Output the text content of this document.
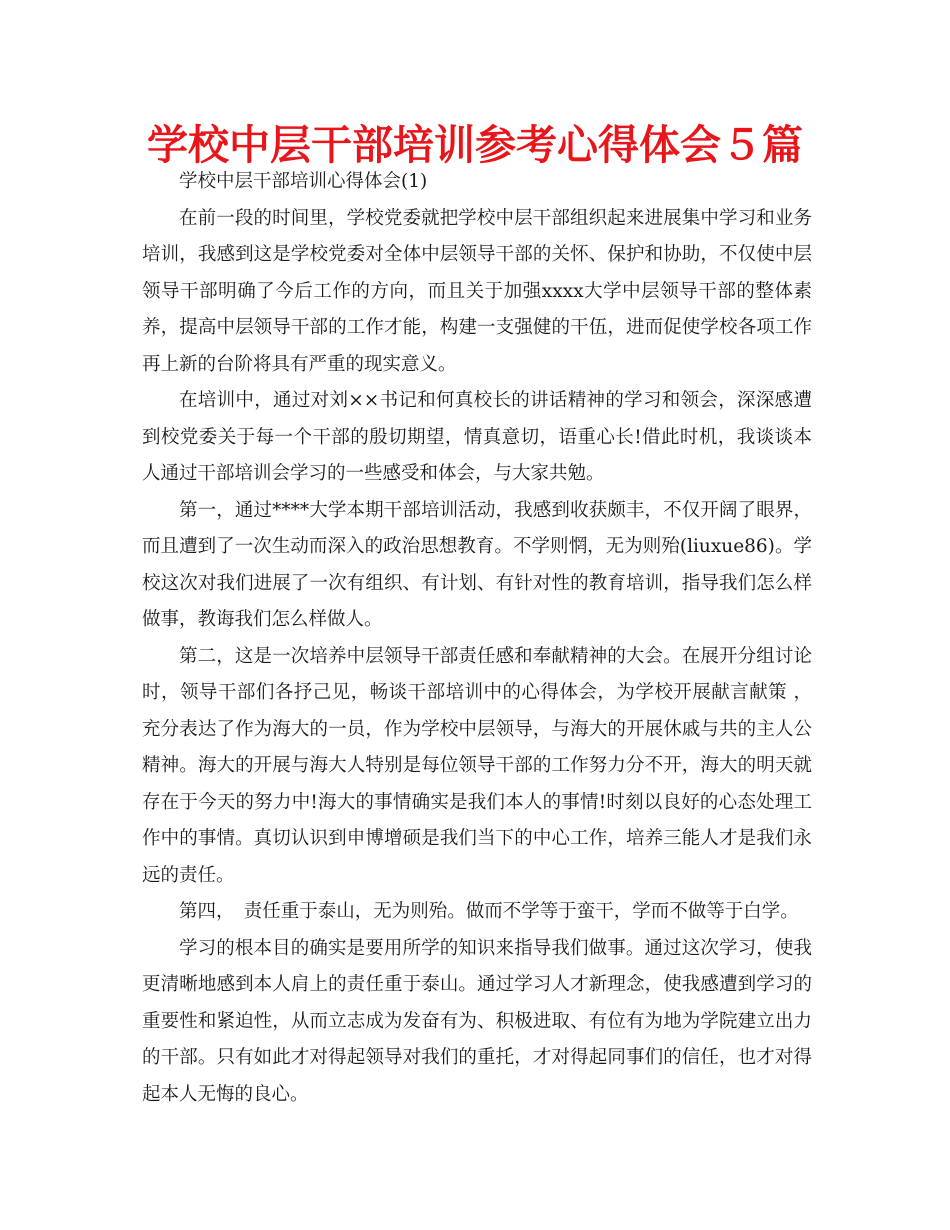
学校中层干部培训参考心得体会５篇

学校中层干部培训心得体会(1)

在前一段的时间里，学校党委就把学校中层干部组织起来进展集中学习和业务培训，我感到这是学校党委对全体中层领导干部的关怀、保护和协助，不仅使中层领导干部明确了今后工作的方向，而且关于加强xxxx大学中层领导干部的整体素养，提高中层领导干部的工作才能，构建一支强健的干伍，进而促使学校各项工作再上新的台阶将具有严重的现实意义。

在培训中，通过对刘××书记和何真校长的讲话精神的学习和领会，深深感遭到校党委关于每一个干部的殷切期望，情真意切，语重心长!借此时机，我谈谈本人通过干部培训会学习的一些感受和体会，与大家共勉。

第一，通过****大学本期干部培训活动，我感到收获颇丰，不仅开阔了眼界，而且遭到了一次生动而深入的政治思想教育。不学则惘，无为则殆(liuxue86)。学校这次对我们进展了一次有组织、有计划、有针对性的教育培训，指导我们怎么样做事，教诲我们怎么样做人。

第二，这是一次培养中层领导干部责任感和奉献精神的大会。在展开分组讨论时，领导干部们各抒己见，畅谈干部培训中的心得体会，为学校开展献言献策 ，充分表达了作为海大的一员，作为学校中层领导，与海大的开展休戚与共的主人公精神。海大的开展与海大人特别是每位领导干部的工作努力分不开，海大的明天就存在于今天的努力中!海大的事情确实是我们本人的事情!时刻以良好的心态处理工作中的事情。真切认识到申博增硕是我们当下的中心工作，培养三能人才是我们永远的责任。

第四，　责任重于泰山，无为则殆。做而不学等于蛮干，学而不做等于白学。

学习的根本目的确实是要用所学的知识来指导我们做事。通过这次学习，使我更清晰地感到本人肩上的责任重于泰山。通过学习人才新理念，使我感遭到学习的重要性和紧迫性，从而立志成为发奋有为、积极进取、有位有为地为学院建立出力的干部。只有如此才对得起领导对我们的重托，才对得起同事们的信任，也才对得起本人无悔的良心。
